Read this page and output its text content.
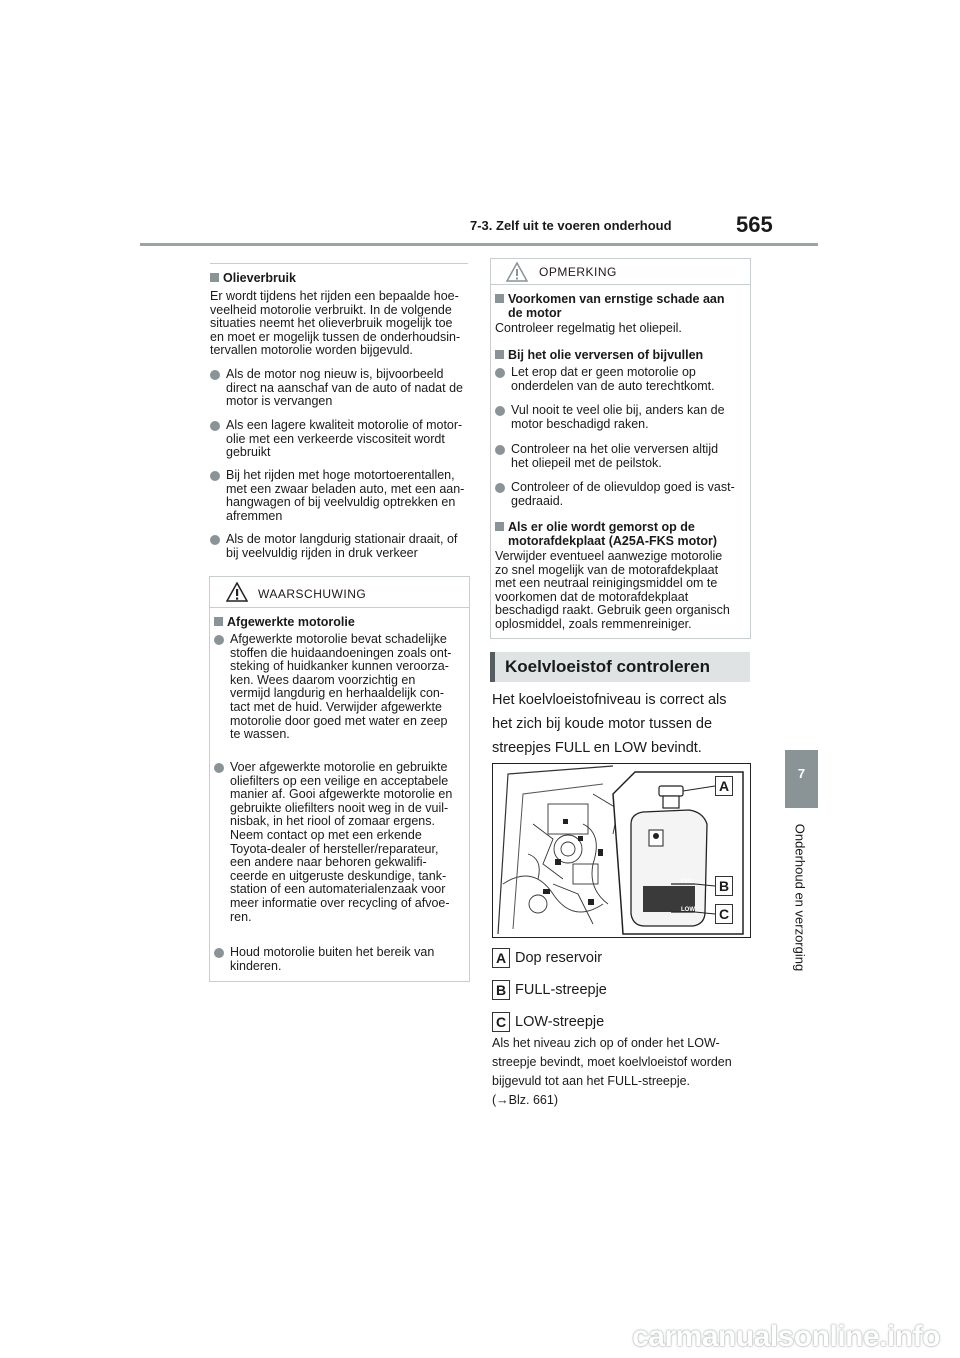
7-3. Zelf uit te voeren onderhoud	565
7
Onderhoud en verzorging
Olieverbruik
Er wordt tijdens het rijden een bepaalde hoe-
veelheid motorolie verbruikt. In de volgende
situaties neemt het olieverbruik mogelijk toe
en moet er mogelijk tussen de onderhoudsin-
tervallen motorolie worden bijgevuld.
Als de motor nog nieuw is, bijvoorbeeld
direct na aanschaf van de auto of nadat de
motor is vervangen
Als een lagere kwaliteit motorolie of motor-
olie met een verkeerde viscositeit wordt
gebruikt
Bij het rijden met hoge motortoerentallen,
met een zwaar beladen auto, met een aan-
hangwagen of bij veelvuldig optrekken en
afremmen
Als de motor langdurig stationair draait, of
bij veelvuldig rijden in druk verkeer
WAARSCHUWING
Afgewerkte motorolie
Afgewerkte motorolie bevat schadelijke
stoffen die huidaandoeningen zoals ont-
steking of huidkanker kunnen veroorza-
ken. Wees daarom voorzichtig en
vermijd langdurig en herhaaldelijk con-
tact met de huid. Verwijder afgewerkte
motorolie door goed met water en zeep
te wassen.
Voer afgewerkte motorolie en gebruikte
oliefilters op een veilige en acceptabele
manier af. Gooi afgewerkte motorolie en
gebruikte oliefilters nooit weg in de vuil-
nisbak, in het riool of zomaar ergens.
Neem contact op met een erkende
Toyota-dealer of hersteller/reparateur,
een andere naar behoren gekwalifi-
ceerde en uitgeruste deskundige, tank-
station of een automaterialenzaak voor
meer informatie over recycling of afvoe-
ren.
Houd motorolie buiten het bereik van
kinderen.
OPMERKING
Voorkomen van ernstige schade aan
de motor
Controleer regelmatig het oliepeil.
Bij het olie verversen of bijvullen
Let erop dat er geen motorolie op
onderdelen van de auto terechtkomt.
Vul nooit te veel olie bij, anders kan de
motor beschadigd raken.
Controleer na het olie verversen altijd
het oliepeil met de peilstok.
Controleer of de olievuldop goed is vast-
gedraaid.
Als er olie wordt gemorst op de
motorafdekplaat (A25A-FKS motor)
Verwijder eventueel aanwezige motorolie
zo snel mogelijk van de motorafdekplaat
met een neutraal reinigingsmiddel om te
voorkomen dat de motorafdekplaat
beschadigd raakt. Gebruik geen organisch
oplosmiddel, zoals remmenreiniger.
Koelvloeistof controleren
Het koelvloeistofniveau is correct als
het zich bij koude motor tussen de
streepjes FULL en LOW bevindt.
FULL
LOW
A
B
C
A Dop reservoir
B FULL-streepje
C LOW-streepje
Als het niveau zich op of onder het LOW-
streepje bevindt, moet koelvloeistof worden
bijgevuld tot aan het FULL-streepje.
(→Blz. 661)
carmanualsonline.info
